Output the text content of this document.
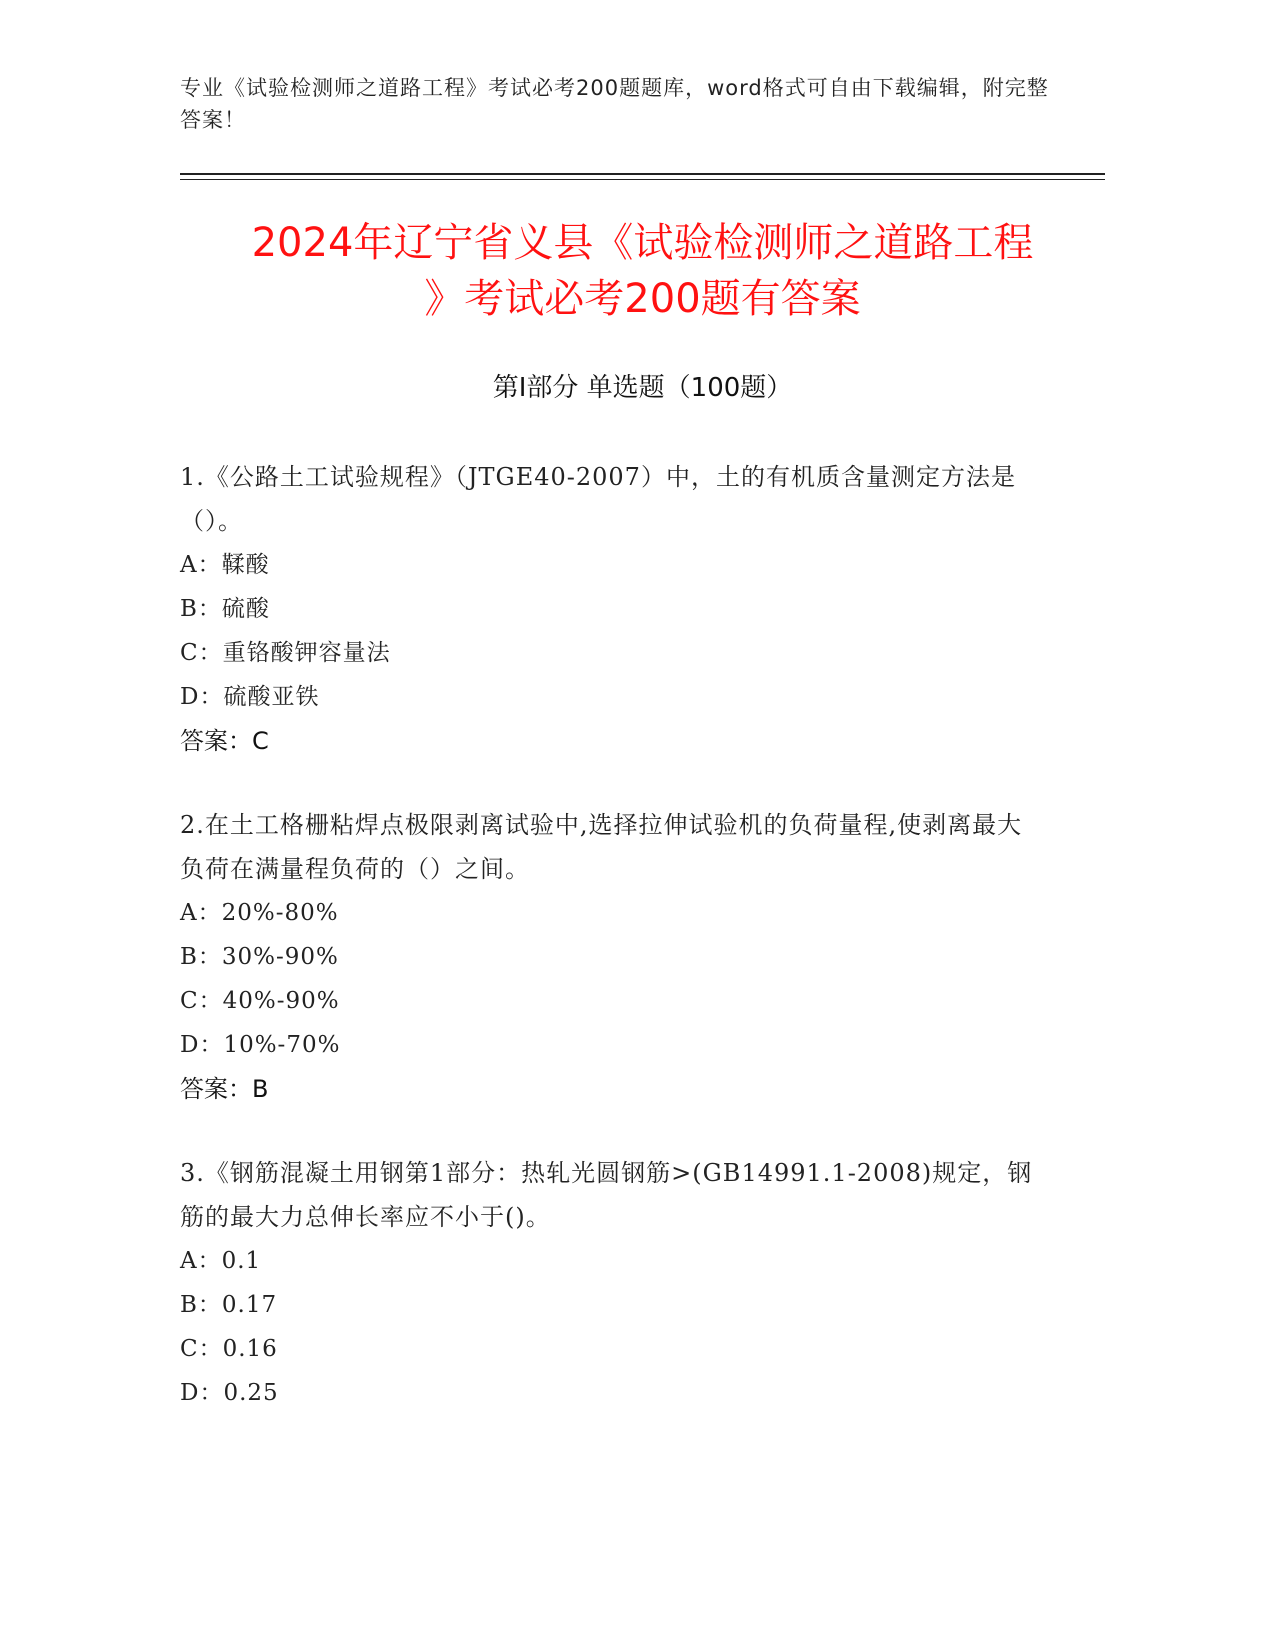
专业《试验检测师之道路工程》考试必考200题题库，word格式可自由下载编辑，附完整答案！
2024年辽宁省义县《试验检测师之道路工程
》考试必考200题有答案
第Ⅰ部分 单选题（100题）
1.《公路土工试验规程》（JTGE40-2007）中，土的有机质含量测定方法是（）。
A：鞣酸
B：硫酸
C：重铬酸钾容量法
D：硫酸亚铁
答案：C
2.在土工格栅粘焊点极限剥离试验中,选择拉伸试验机的负荷量程,使剥离最大负荷在满量程负荷的（）之间。
A：20%-80%
B：30%-90%
C：40%-90%
D：10%-70%
答案：B
3.《钢筋混凝土用钢第1部分：热轧光圆钢筋>(GB14991.1-2008)规定，钢筋的最大力总伸长率应不小于()。
A：0.1
B：0.17
C：0.16
D：0.25
